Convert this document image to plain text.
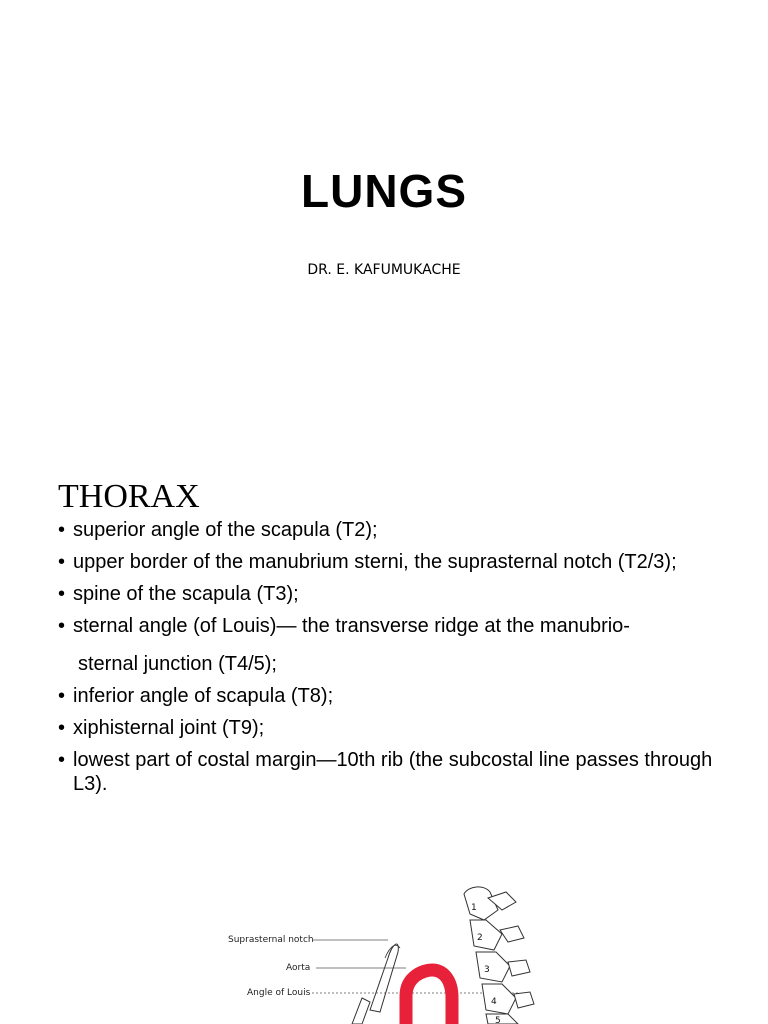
LUNGS
DR. E. KAFUMUKACHE
THORAX
• superior angle of the scapula (T2);
• upper border of the manubrium sterni, the suprasternal notch (T2/3);
• spine of the scapula (T3);
• sternal angle (of Louis)— the transverse ridge at the manubrio-
sternal junction (T4/5);
• inferior angle of scapula (T8);
• xiphisternal joint (T9);
• lowest part of costal margin—10th rib (the subcostal line passes through L3).
Suprasternal notch
Aorta
Angle of Louis
1
2
3
4
5
